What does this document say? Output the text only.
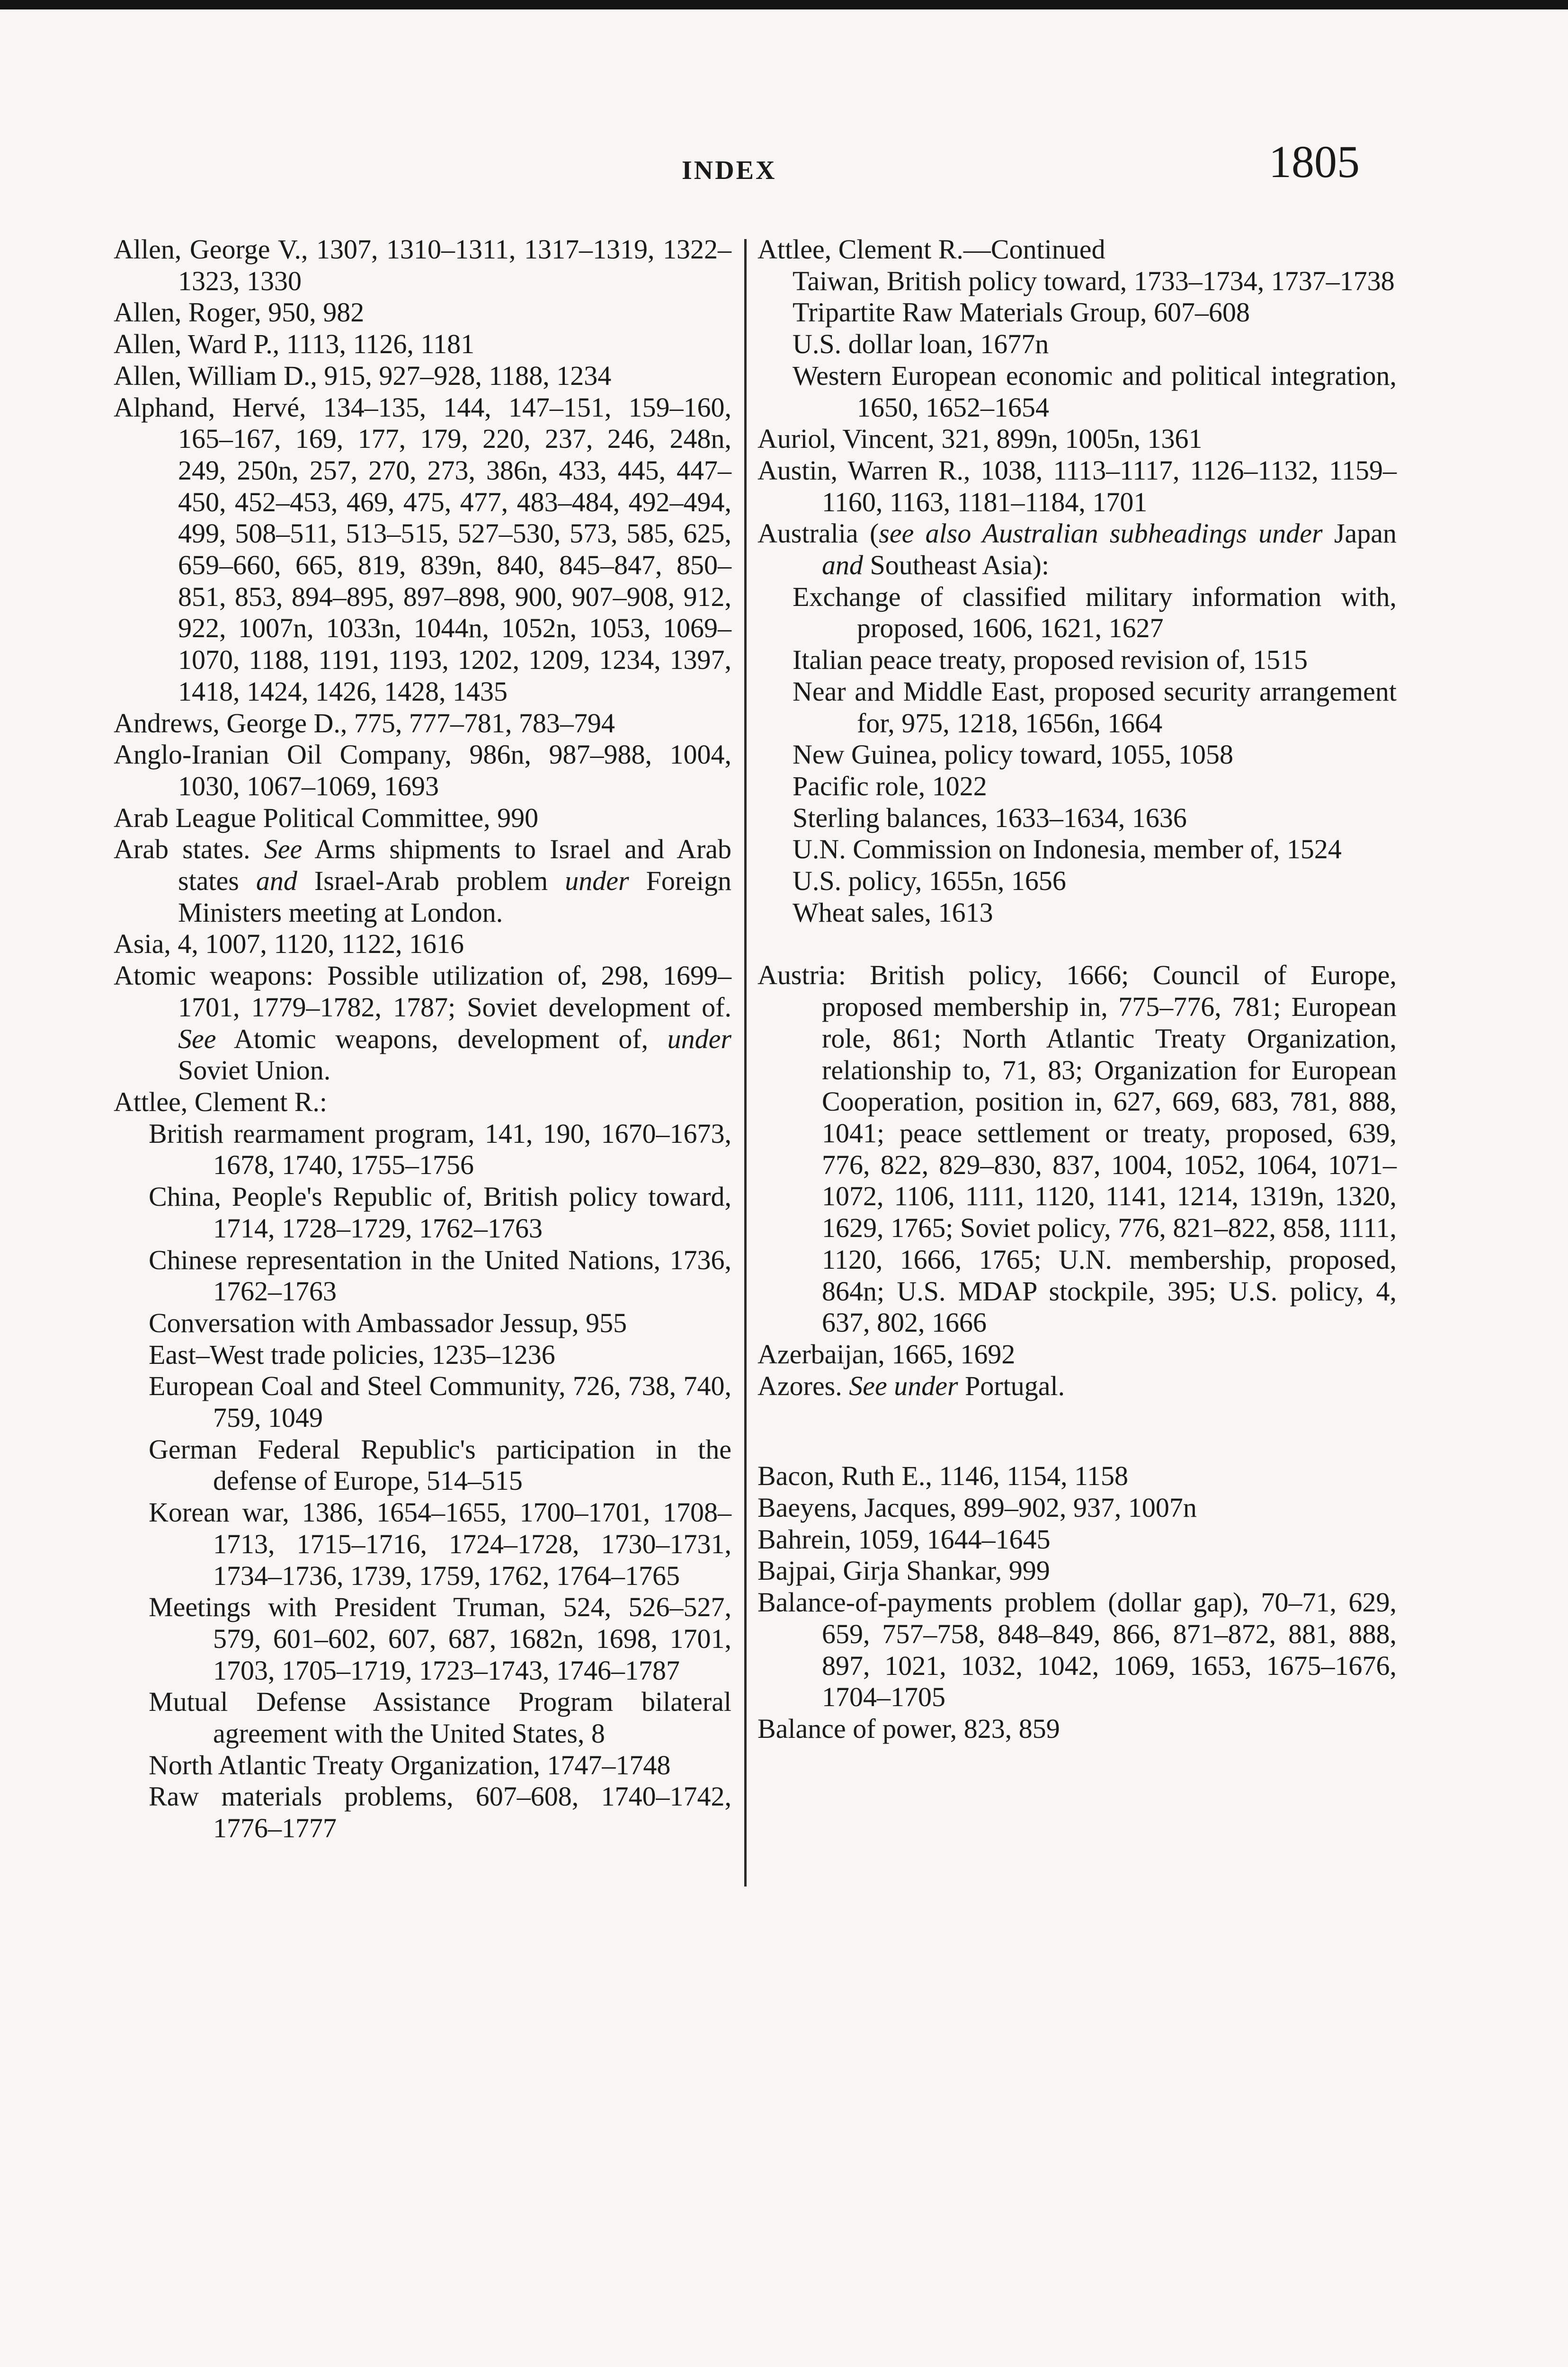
INDEX	1805
Allen, George V., 1307, 1310–1311, 1317–1319, 1322–1323, 1330
Allen, Roger, 950, 982
Allen, Ward P., 1113, 1126, 1181
Allen, William D., 915, 927–928, 1188, 1234
Alphand, Hervé, 134–135, 144, 147–151, 159–160, 165–167, 169, 177, 179, 220, 237, 246, 248n, 249, 250n, 257, 270, 273, 386n, 433, 445, 447–450, 452–453, 469, 475, 477, 483–484, 492–494, 499, 508–511, 513–515, 527–530, 573, 585, 625, 659–660, 665, 819, 839n, 840, 845–847, 850–851, 853, 894–895, 897–898, 900, 907–908, 912, 922, 1007n, 1033n, 1044n, 1052n, 1053, 1069–1070, 1188, 1191, 1193, 1202, 1209, 1234, 1397, 1418, 1424, 1426, 1428, 1435
Andrews, George D., 775, 777–781, 783–794
Anglo-Iranian Oil Company, 986n, 987–988, 1004, 1030, 1067–1069, 1693
Arab League Political Committee, 990
Arab states. See Arms shipments to Israel and Arab states and Israel-Arab problem under Foreign Ministers meeting at London.
Asia, 4, 1007, 1120, 1122, 1616
Atomic weapons: Possible utilization of, 298, 1699–1701, 1779–1782, 1787; Soviet development of. See Atomic weapons, development of, under Soviet Union.
Attlee, Clement R.:
British rearmament program, 141, 190, 1670–1673, 1678, 1740, 1755–1756
China, People's Republic of, British policy toward, 1714, 1728–1729, 1762–1763
Chinese representation in the United Nations, 1736, 1762–1763
Conversation with Ambassador Jessup, 955
East–West trade policies, 1235–1236
European Coal and Steel Community, 726, 738, 740, 759, 1049
German Federal Republic's participation in the defense of Europe, 514–515
Korean war, 1386, 1654–1655, 1700–1701, 1708–1713, 1715–1716, 1724–1728, 1730–1731, 1734–1736, 1739, 1759, 1762, 1764–1765
Meetings with President Truman, 524, 526–527, 579, 601–602, 607, 687, 1682n, 1698, 1701, 1703, 1705–1719, 1723–1743, 1746–1787
Mutual Defense Assistance Program bilateral agreement with the United States, 8
North Atlantic Treaty Organization, 1747–1748
Raw materials problems, 607–608, 1740–1742, 1776–1777
Attlee, Clement R.—Continued
Taiwan, British policy toward, 1733–1734, 1737–1738
Tripartite Raw Materials Group, 607–608
U.S. dollar loan, 1677n
Western European economic and political integration, 1650, 1652–1654
Auriol, Vincent, 321, 899n, 1005n, 1361
Austin, Warren R., 1038, 1113–1117, 1126–1132, 1159–1160, 1163, 1181–1184, 1701
Australia (see also Australian subheadings under Japan and Southeast Asia):
Exchange of classified military information with, proposed, 1606, 1621, 1627
Italian peace treaty, proposed revision of, 1515
Near and Middle East, proposed security arrangement for, 975, 1218, 1656n, 1664
New Guinea, policy toward, 1055, 1058
Pacific role, 1022
Sterling balances, 1633–1634, 1636
U.N. Commission on Indonesia, member of, 1524
U.S. policy, 1655n, 1656
Wheat sales, 1613
Austria: British policy, 1666; Council of Europe, proposed membership in, 775–776, 781; European role, 861; North Atlantic Treaty Organization, relationship to, 71, 83; Organization for European Cooperation, position in, 627, 669, 683, 781, 888, 1041; peace settlement or treaty, proposed, 639, 776, 822, 829–830, 837, 1004, 1052, 1064, 1071–1072, 1106, 1111, 1120, 1141, 1214, 1319n, 1320, 1629, 1765; Soviet policy, 776, 821–822, 858, 1111, 1120, 1666, 1765; U.N. membership, proposed, 864n; U.S. MDAP stockpile, 395; U.S. policy, 4, 637, 802, 1666
Azerbaijan, 1665, 1692
Azores. See under Portugal.
Bacon, Ruth E., 1146, 1154, 1158
Baeyens, Jacques, 899–902, 937, 1007n
Bahrein, 1059, 1644–1645
Bajpai, Girja Shankar, 999
Balance-of-payments problem (dollar gap), 70–71, 629, 659, 757–758, 848–849, 866, 871–872, 881, 888, 897, 1021, 1032, 1042, 1069, 1653, 1675–1676, 1704–1705
Balance of power, 823, 859
